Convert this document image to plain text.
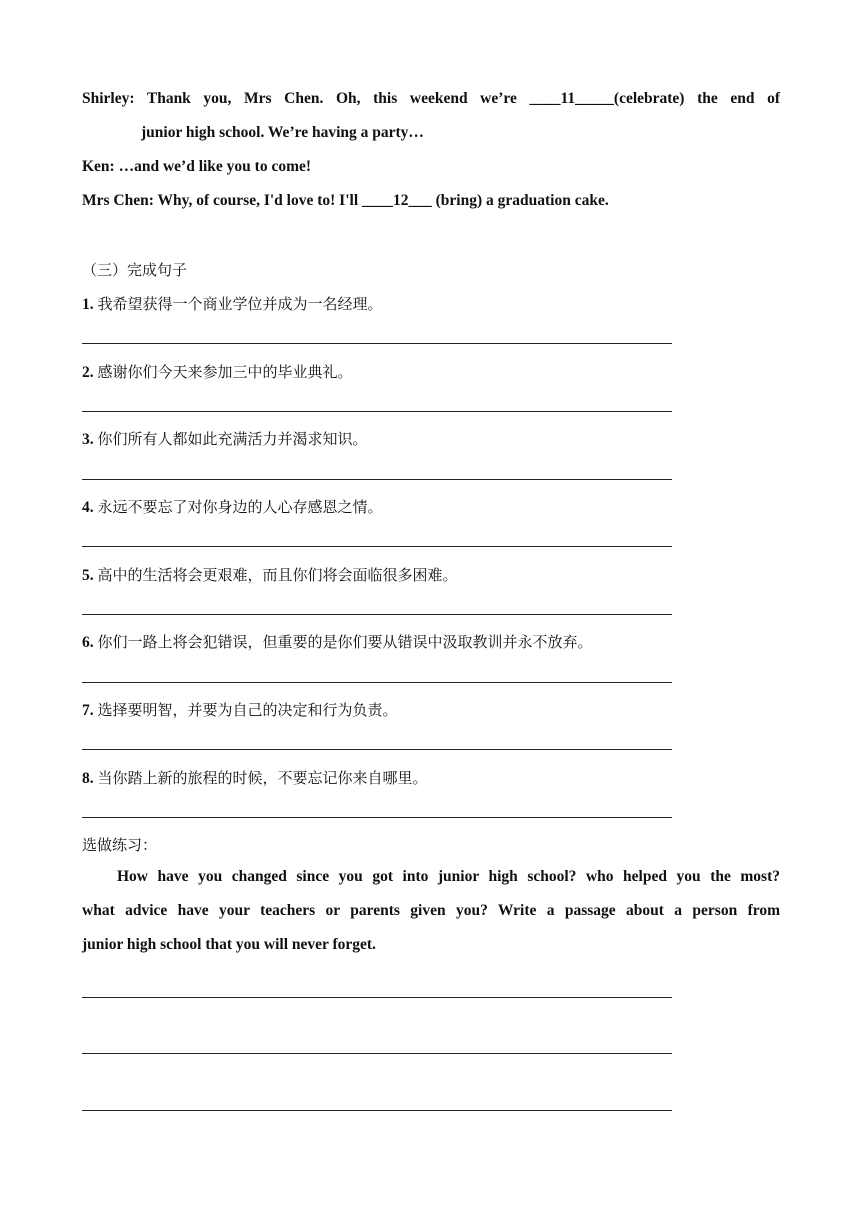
Shirley: Thank you, Mrs Chen. Oh, this weekend we’re ____11_____(celebrate) the end of
junior high school. We’re having a party…
Ken: …and we’d like you to come!
Mrs Chen: Why, of course, I'd love to! I'll ____12___ (bring) a graduation cake.
（三）完成句子
1. 我希望获得一个商业学位并成为一名经理。
2. 感谢你们今天来参加三中的毕业典礼。
3. 你们所有人都如此充满活力并渴求知识。
4. 永远不要忘了对你身边的人心存感恩之情。
5. 高中的生活将会更艰难，而且你们将会面临很多困难。
6. 你们一路上将会犯错误，但重要的是你们要从错误中汲取教训并永不放弃。
7. 选择要明智，并要为自己的决定和行为负责。
8. 当你踏上新的旅程的时候，不要忘记你来自哪里。
选做练习：
How have you changed since you got into junior high school? who helped you the most?
what advice have your teachers or parents given you? Write a passage about a person from
junior high school that you will never forget.
